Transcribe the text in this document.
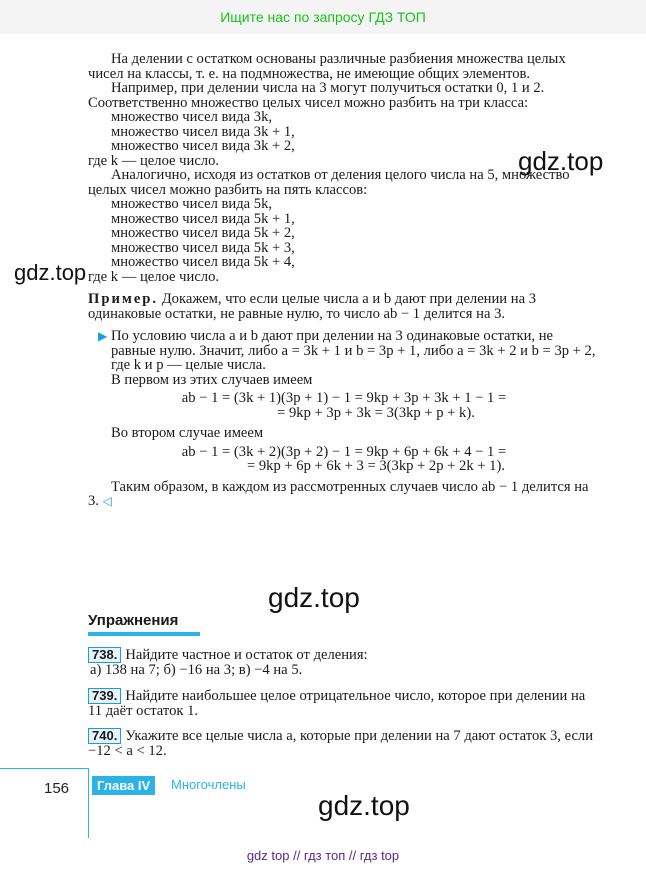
Ищите нас по запросу ГДЗ ТОП

На делении с остатком основаны различные разбиения множества целых чисел на классы, т. е. на подмножества, не имеющие общих элементов.

Например, при делении числа на 3 могут получиться остатки 0, 1 и 2. Соответственно множество целых чисел можно разбить на три класса:

множество чисел вида 3k,
множество чисел вида 3k + 1,
множество чисел вида 3k + 2,

где k — целое число.

Аналогично, исходя из остатков от деления целого числа на 5, множество целых чисел можно разбить на пять классов:

множество чисел вида 5k,
множество чисел вида 5k + 1,
множество чисел вида 5k + 2,
множество чисел вида 5k + 3,
множество чисел вида 5k + 4,

где k — целое число.

Пример. Докажем, что если целые числа a и b дают при делении на 3 одинаковые остатки, не равные нулю, то число ab − 1 делится на 3.

▶ По условию числа a и b дают при делении на 3 одинаковые остатки, не равные нулю. Значит, либо a = 3k + 1 и b = 3p + 1, либо a = 3k + 2 и b = 3p + 2, где k и p — целые числа.

В первом из этих случаев имеем

ab − 1 = (3k + 1)(3p + 1) − 1 = 9kp + 3p + 3k + 1 − 1 =

= 9kp + 3p + 3k = 3(3kp + p + k).

Во втором случае имеем

ab − 1 = (3k + 2)(3p + 2) − 1 = 9kp + 6p + 6k + 4 − 1 =

= 9kp + 6p + 6k + 3 = 3(3kp + 2p + 2k + 1).

Таким образом, в каждом из рассмотренных случаев число ab − 1 делится на 3. ◁

gdz.top
gdz.top
gdz.top
gdz.top
Упражнения
738. Найдите частное и остаток от деления:
а) 138 на 7; б) −16 на 3; в) −4 на 5.
739. Найдите наибольшее целое отрицательное число, которое при делении на 11 даёт остаток 1.
740. Укажите все целые числа a, которые при делении на 7 дают остаток 3, если −12 < a < 12.
156	Глава IV	Многочлены
gdz top // гдз топ // гдз top
